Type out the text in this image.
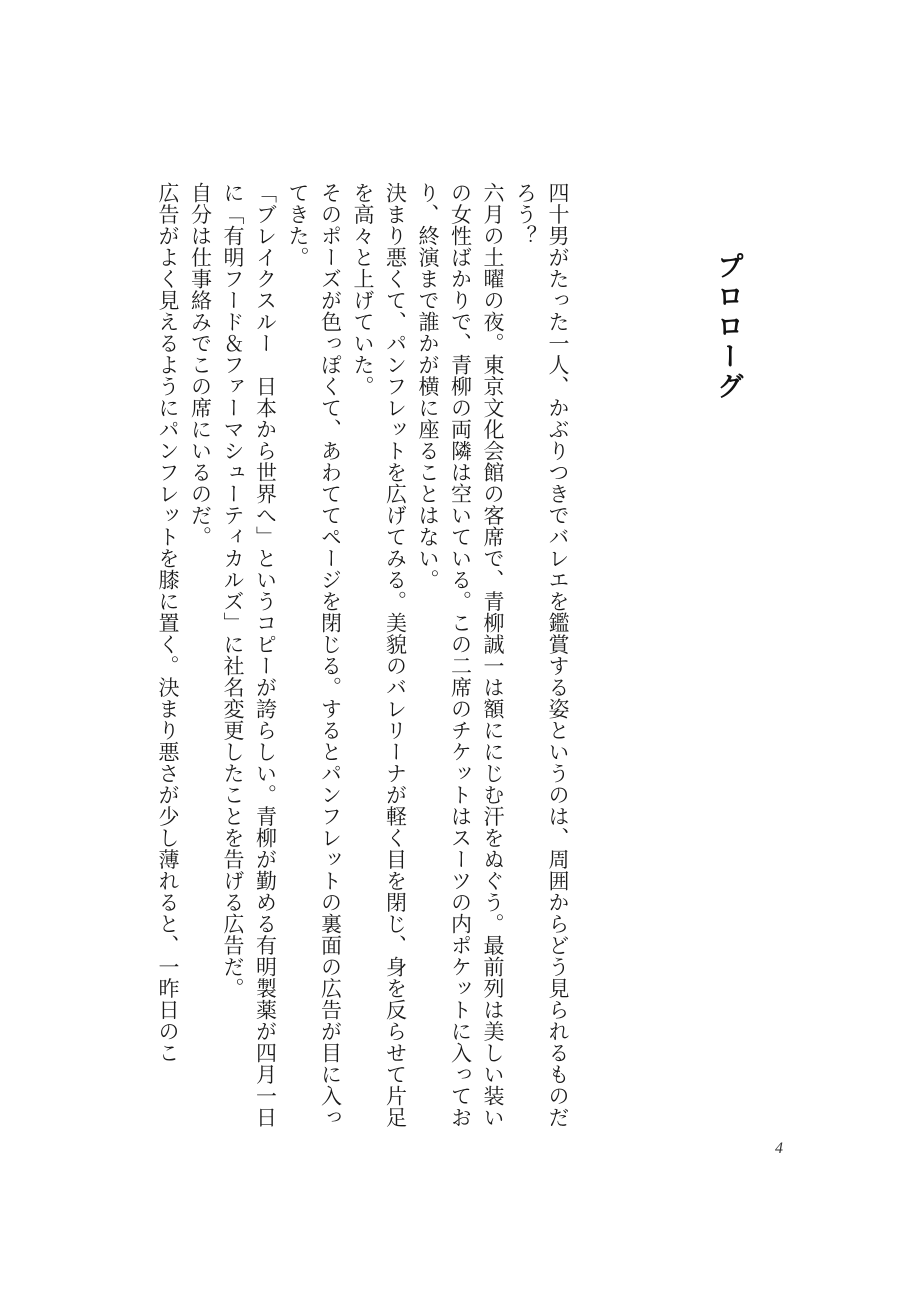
プロローグ

四十男がたった一人、かぶりつきでバレエを鑑賞する姿というのは、周囲からどう見られるものだろう？

六月の土曜の夜。東京文化会館の客席で、青柳誠一は額ににじむ汗をぬぐう。最前列は美しい装いの女性ばかりで、青柳の両隣は空いている。この二席のチケットはスーツの内ポケットに入っており、終演まで誰かが横に座ることはない。

決まり悪くて、パンフレットを広げてみる。美貌のバレリーナが軽く目を閉じ、身を反らせて片足を高々と上げていた。

そのポーズが色っぽくて、あわててページを閉じる。するとパンフレットの裏面の広告が目に入ってきた。

「ブレイクスルー　日本から世界へ」というコピーが誇らしい。青柳が勤める有明製薬が四月一日に「有明フード＆ファーマシューティカルズ」に社名変更したことを告げる広告だ。

自分は仕事絡みでこの席にいるのだ。

広告がよく見えるようにパンフレットを膝に置く。決まり悪さが少し薄れると、一昨日のこ

4
